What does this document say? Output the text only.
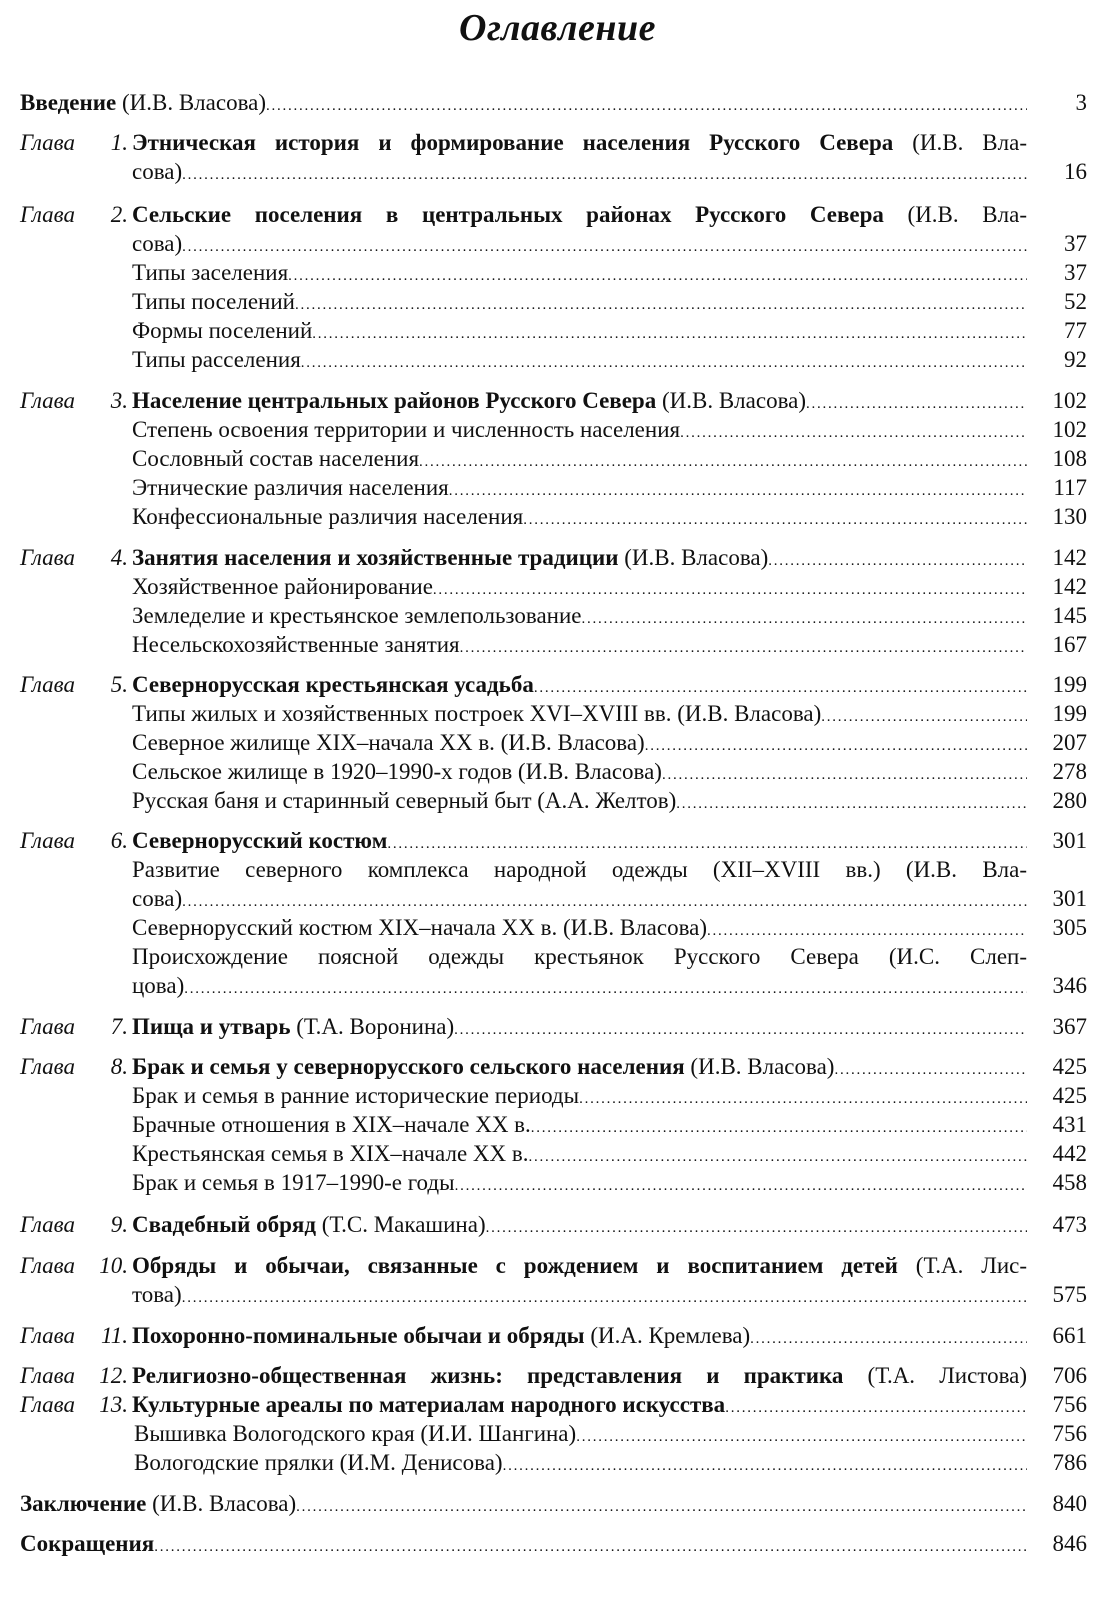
Оглавление
Введение (И.В. Власова) . . .	3
Глава	1. Этническая история и формирование населения Русского Севера (И.В. Вла-
сова) . . .	16
Глава	2. Сельские поселения в центральных районах Русского Севера (И.В. Вла-
сова) . . .	37
Типы заселения . . .	37
Типы поселений . . .	52
Формы поселений . . .	77
Типы расселения . . .	92
Глава	3. Население центральных районов Русского Севера (И.В. Власова) . . .	102
Степень освоения территории и численность населения . . .	102
Сословный состав населения . . .	108
Этнические различия населения . . .	117
Конфессиональные различия населения . . .	130
Глава	4. Занятия населения и хозяйственные традиции (И.В. Власова) . . .	142
Хозяйственное районирование . . .	142
Земледелие и крестьянское землепользование . . .	145
Несельскохозяйственные занятия . . .	167
Глава	5. Севернорусская крестьянская усадьба . . .	199
Типы жилых и хозяйственных построек XVI–XVIII вв. (И.В. Власова) . . .	199
Северное жилище XIX–начала XX в. (И.В. Власова) . . .	207
Сельское жилище в 1920–1990-х годов (И.В. Власова) . . .	278
Русская баня и старинный северный быт (А.А. Желтов) . . .	280
Глава	6. Севернорусский костюм . . .	301
Развитие северного комплекса народной одежды (XII–XVIII вв.) (И.В. Вла-
сова) . . .	301
Севернорусский костюм XIX–начала XX в. (И.В. Власова) . . .	305
Происхождение поясной одежды крестьянок Русского Севера (И.С. Слеп-
цова) . . .	346
Глава	7. Пища и утварь (Т.А. Воронина) . . .	367
Глава	8. Брак и семья у севернорусского сельского населения (И.В. Власова) . . .	425
Брак и семья в ранние исторические периоды . . .	425
Брачные отношения в XIX–начале XX в. . . .	431
Крестьянская семья в XIX–начале XX в. . . .	442
Брак и семья в 1917–1990-е годы . . .	458
Глава	9. Свадебный обряд (Т.С. Макашина) . . .	473
Глава	10. Обряды и обычаи, связанные с рождением и воспитанием детей (Т.А. Лис-
това) . . .	575
Глава	11. Похоронно-поминальные обычаи и обряды (И.А. Кремлева) . . .	661
Глава	12. Религиозно-общественная жизнь: представления и практика (Т.А. Листова) 706
Глава	13. Культурные ареалы по материалам народного искусства . . .	756
Вышивка Вологодского края (И.И. Шангина) . . .	756
Вологодские прялки (И.М. Денисова) . . .	786
Заключение (И.В. Власова) . . .	840
Сокращения . . .	846
